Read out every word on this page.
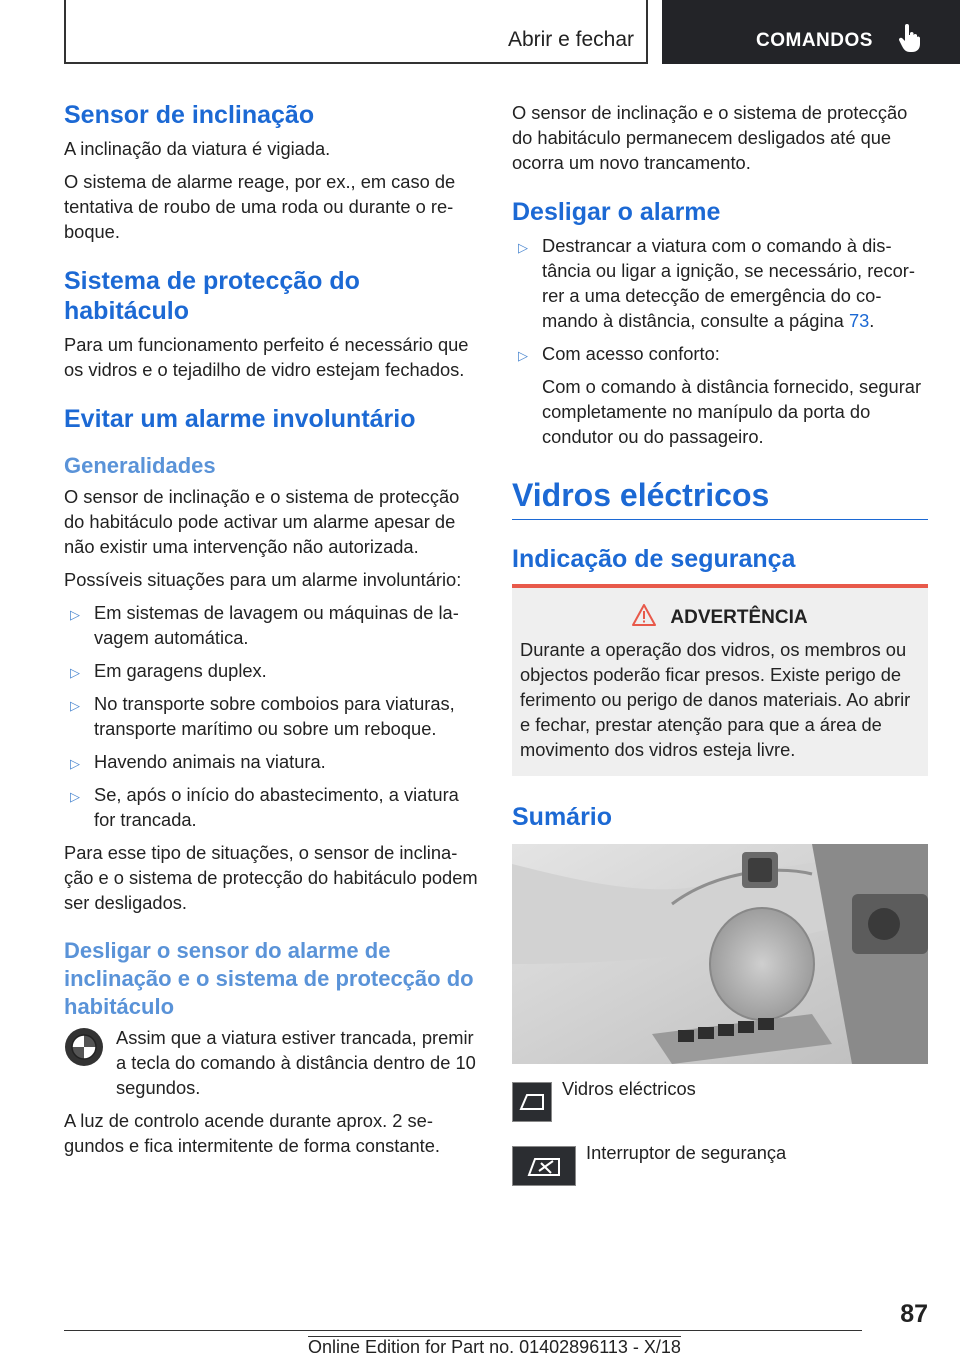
Abrir e fechar	COMANDOS
Sensor de inclinação

A inclinação da viatura é vigiada.

O sistema de alarme reage, por ex., em caso de tentativa de roubo de uma roda ou durante o reboque.

Sistema de protecção do habitáculo

Para um funcionamento perfeito é necessário que os vidros e o tejadilho de vidro estejam fechados.

Evitar um alarme involuntário
Generalidades

O sensor de inclinação e o sistema de protecção do habitáculo pode activar um alarme apesar de não existir uma intervenção não autorizada.

Possíveis situações para um alarme involuntário:

▷ Em sistemas de lavagem ou máquinas de lavagem automática.
▷ Em garagens duplex.
▷ No transporte sobre comboios para viaturas, transporte marítimo ou sobre um reboque.
▷ Havendo animais na viatura.
▷ Se, após o início do abastecimento, a viatura for trancada.

Para esse tipo de situações, o sensor de inclinação e o sistema de protecção do habitáculo podem ser desligados.

Desligar o sensor do alarme de inclinação e o sistema de protecção do habitáculo

Assim que a viatura estiver trancada, premir a tecla do comando à distância dentro de 10 segundos.

A luz de controlo acende durante aprox. 2 segundos e fica intermitente de forma constante.

O sensor de inclinação e o sistema de protecção do habitáculo permanecem desligados até que ocorra um novo trancamento.

Desligar o alarme
▷ Destrancar a viatura com o comando à distância ou ligar a ignição, se necessário, recorrer a uma detecção de emergência do comando à distância, consulte a página 73.
▷ Com acesso conforto:

Com o comando à distância fornecido, segurar completamente no manípulo da porta do condutor ou do passageiro.

Vidros eléctricos
Indicação de segurança
ADVERTÊNCIA

Durante a operação dos vidros, os membros ou objectos poderão ficar presos. Existe perigo de ferimento ou perigo de danos materiais. Ao abrir e fechar, prestar atenção para que a área de movimento dos vidros esteja livre.

Sumário
Vidros eléctricos
Interruptor de segurança
87
Online Edition for Part no. 01402896113 - X/18
